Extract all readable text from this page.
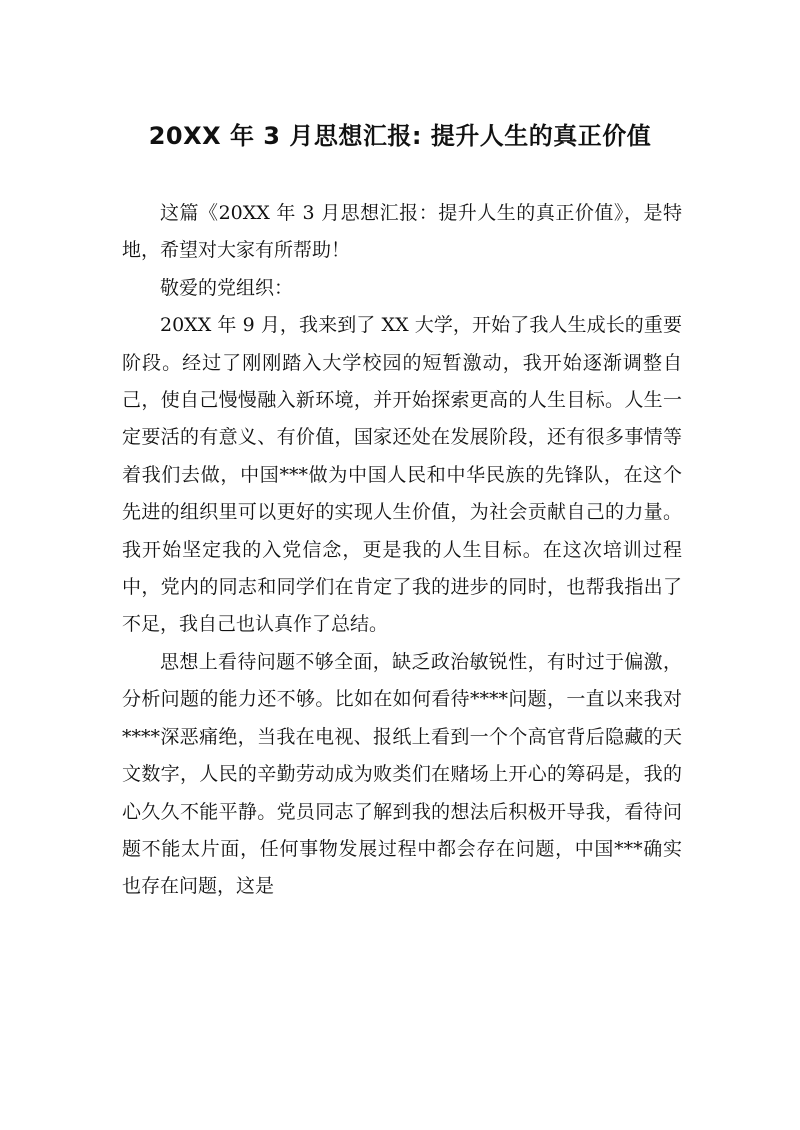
20XX 年 3 月思想汇报: 提升人生的真正价值

这篇《20XX 年 3 月思想汇报：提升人生的真正价值》，是特地，希望对大家有所帮助！

敬爱的党组织：

20XX 年 9 月，我来到了 XX 大学，开始了我人生成长的重要阶段。经过了刚刚踏入大学校园的短暂激动，我开始逐渐调整自己，使自己慢慢融入新环境，并开始探索更高的人生目标。人生一定要活的有意义、有价值，国家还处在发展阶段，还有很多事情等着我们去做，中国***做为中国人民和中华民族的先锋队，在这个先进的组织里可以更好的实现人生价值，为社会贡献自己的力量。我开始坚定我的入党信念，更是我的人生目标。在这次培训过程中，党内的同志和同学们在肯定了我的进步的同时，也帮我指出了不足，我自己也认真作了总结。

思想上看待问题不够全面，缺乏政治敏锐性，有时过于偏激，分析问题的能力还不够。比如在如何看待****问题，一直以来我对****深恶痛绝，当我在电视、报纸上看到一个个高官背后隐藏的天文数字，人民的辛勤劳动成为败类们在赌场上开心的筹码是，我的心久久不能平静。党员同志了解到我的想法后积极开导我，看待问题不能太片面，任何事物发展过程中都会存在问题，中国***确实也存在问题，这是
